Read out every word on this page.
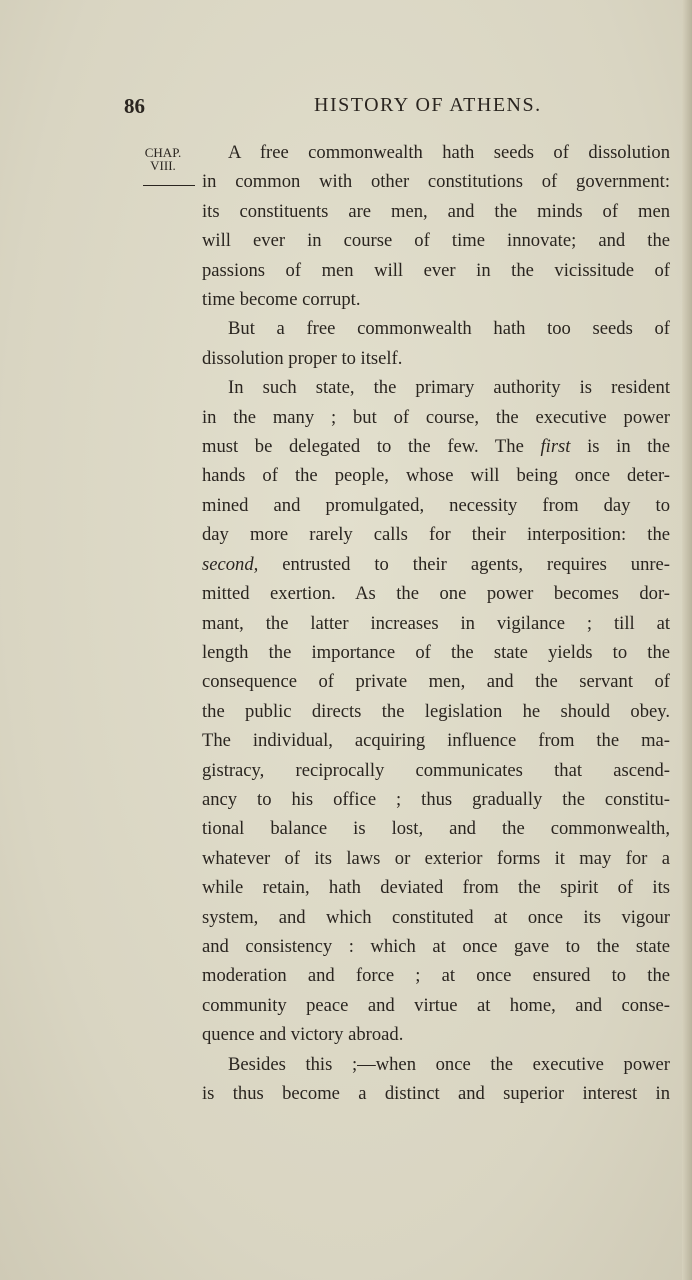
86	HISTORY OF ATHENS.
CHAP.
VIII.
A free commonwealth hath seeds of dissolution
in common with other constitutions of government:
its constituents are men, and the minds of men
will ever in course of time innovate; and the
passions of men will ever in the vicissitude of
time become corrupt.
But a free commonwealth hath too seeds of
dissolution proper to itself.
In such state, the primary authority is resident
in the many ; but of course, the executive power
must be delegated to the few. The first is in the
hands of the people, whose will being once deter-
mined and promulgated, necessity from day to
day more rarely calls for their interposition: the
second, entrusted to their agents, requires unre-
mitted exertion. As the one power becomes dor-
mant, the latter increases in vigilance ; till at
length the importance of the state yields to the
consequence of private men, and the servant of
the public directs the legislation he should obey.
The individual, acquiring influence from the ma-
gistracy, reciprocally communicates that ascend-
ancy to his office ; thus gradually the constitu-
tional balance is lost, and the commonwealth,
whatever of its laws or exterior forms it may for a
while retain, hath deviated from the spirit of its
system, and which constituted at once its vigour
and consistency : which at once gave to the state
moderation and force ; at once ensured to the
community peace and virtue at home, and conse-
quence and victory abroad.
Besides this ;—when once the executive power
is thus become a distinct and superior interest in
